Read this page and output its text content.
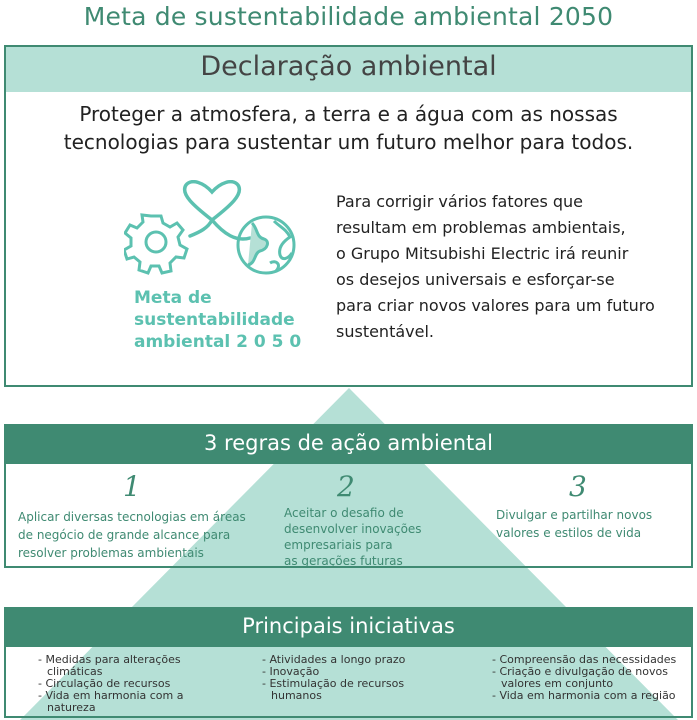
Meta de sustentabilidade ambiental 2050
Declaração ambiental
Proteger a atmosfera, a terra e a água com as nossas
tecnologias para sustentar um futuro melhor para todos.
Meta de
sustentabilidade
ambiental 2 0 5 0
Para corrigir vários fatores que
resultam em problemas ambientais,
o Grupo Mitsubishi Electric irá reunir
os desejos universais e esforçar-se
para criar novos valores para um futuro
sustentável.
3 regras de ação ambiental
1
Aplicar diversas tecnologias em áreas
de negócio de grande alcance para
resolver problemas ambientais
2
Aceitar o desafio de
desenvolver inovações
empresariais para
as gerações futuras
3
Divulgar e partilhar novos
valores e estilos de vida
Principais iniciativas
- Medidas para alterações climáticas
- Circulação de recursos
- Vida em harmonia com a natureza
- Atividades a longo prazo
- Inovação
- Estimulação de recursos humanos
- Compreensão das necessidades
- Criação e divulgação de novos valores em conjunto
- Vida em harmonia com a região
